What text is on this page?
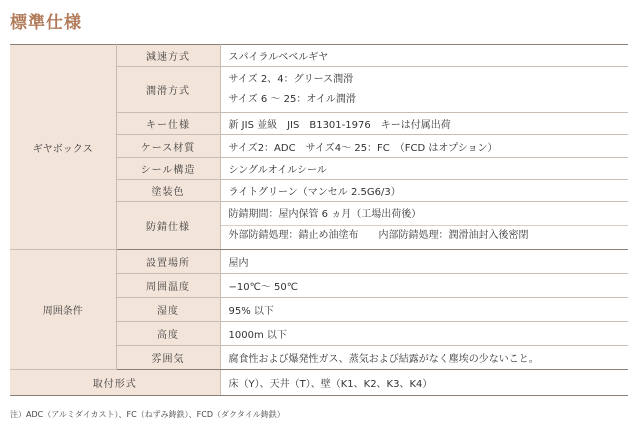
標準仕様
ギヤボックス	減速方式	スパイラルベベルギヤ
	潤滑方式	サイズ 2、4：グリース潤滑
サイズ 6 〜 25：オイル潤滑

	キー仕様	新 JIS 並級　JIS　B1301-1976　キーは付属出荷
	ケース材質	サイズ2：ADC　サイズ4〜 25：FC　（FCD はオプション）
	シール構造	シングルオイルシール
	塗装色	ライトグリーン（マンセル 2.5G6/3）
	防錆仕様	防錆期間：屋内保管 6 ヵ月（工場出荷後）
外部防錆処理：錆止め油塗布　　内部防錆処理：潤滑油封入後密閉

周囲条件	設置場所	屋内
	周囲温度	−10℃〜 50℃
	湿度	95% 以下
	高度	1000m 以下
	雰囲気	腐食性および爆発性ガス、蒸気および結露がなく塵埃の少ないこと。
取付形式		床（Y）、天井（T）、壁（K1、K2、K3、K4）
注）ADC（アルミダイカスト）、FC（ねずみ鋳鉄）、FCD（ダクタイル鋳鉄）
